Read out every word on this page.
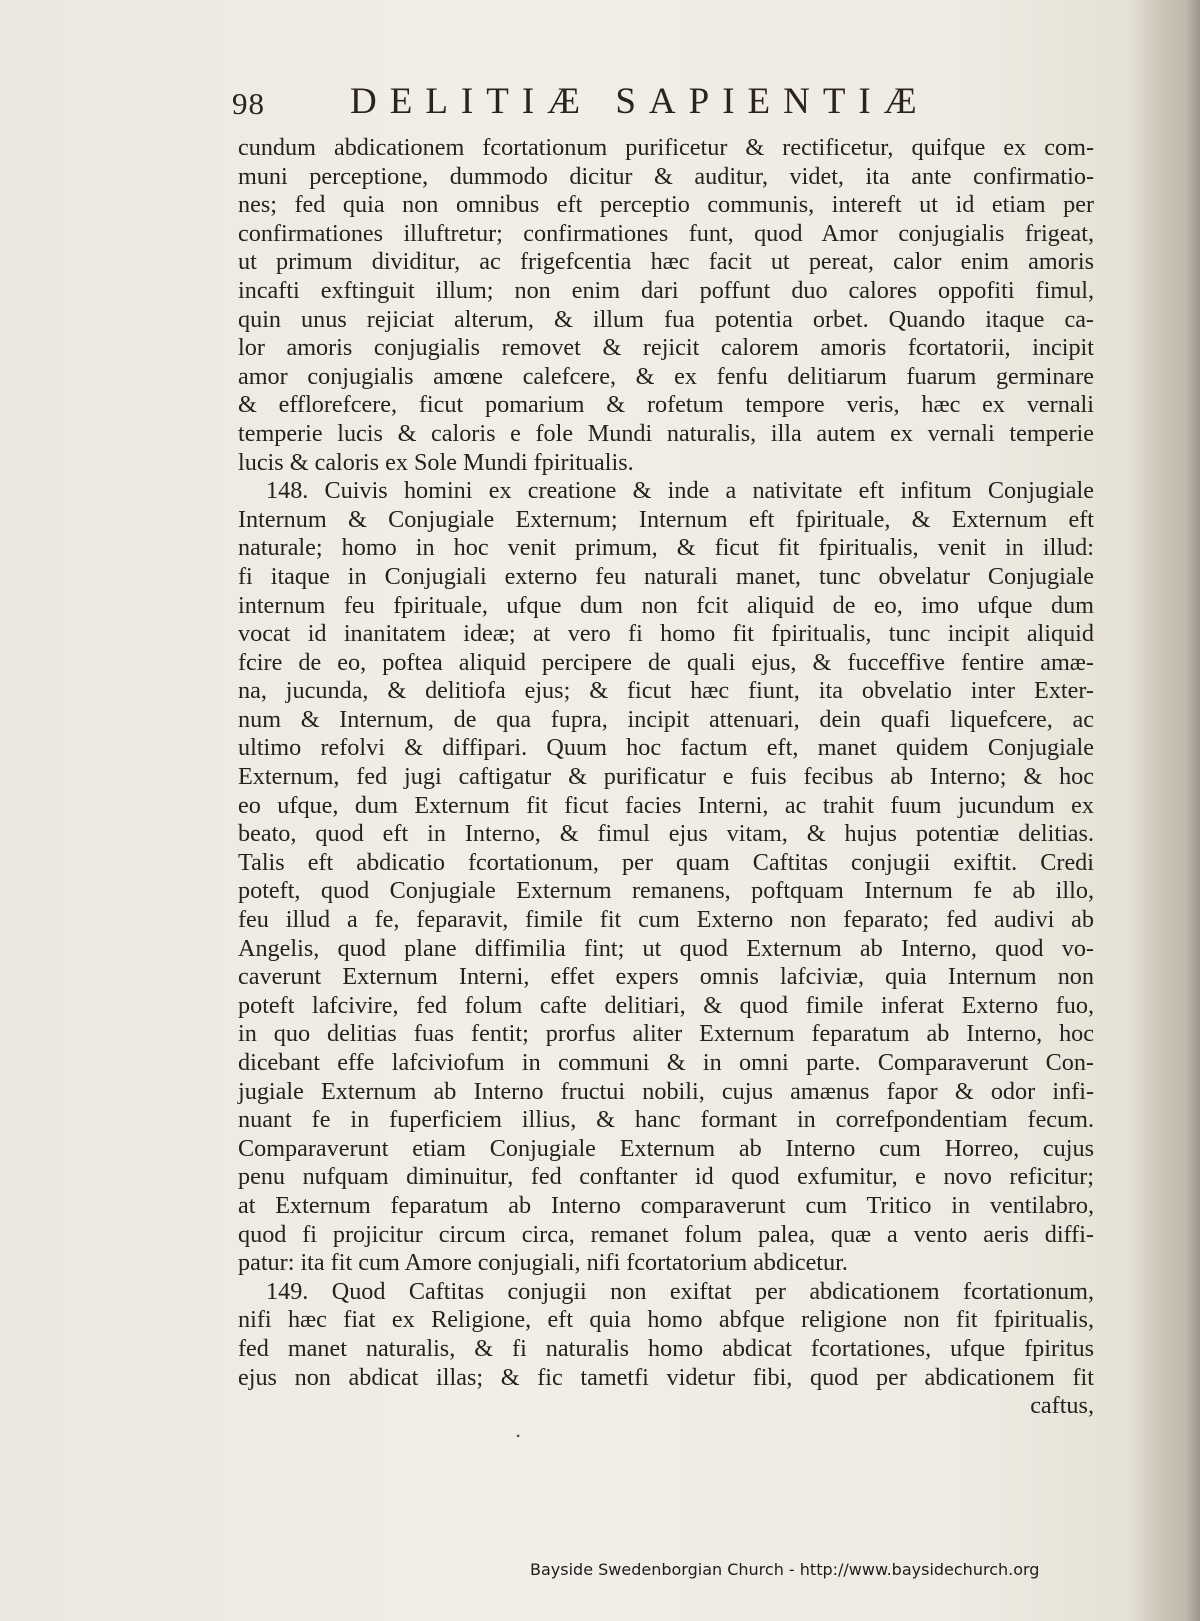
98 DELITIÆ SAPIENTIÆ
cundum abdicationem fcortationum purificetur & rectificetur, quifque ex com-
muni perceptione, dummodo dicitur & auditur, videt, ita ante confirmatio-
nes; fed quia non omnibus eft perceptio communis, intereft ut id etiam per
confirmationes illuftretur; confirmationes funt, quod Amor conjugialis frigeat,
ut primum dividitur, ac frigefcentia hæc facit ut pereat, calor enim amoris
incafti exftinguit illum; non enim dari poffunt duo calores oppofiti fimul,
quin unus rejiciat alterum, & illum fua potentia orbet. Quando itaque ca-
lor amoris conjugialis removet & rejicit calorem amoris fcortatorii, incipit
amor conjugialis amœne calefcere, & ex fenfu delitiarum fuarum germinare
& efflorefcere, ficut pomarium & rofetum tempore veris, hæc ex vernali
temperie lucis & caloris e fole Mundi naturalis, illa autem ex vernali temperie
lucis & caloris ex Sole Mundi fpiritualis.
148. Cuivis homini ex creatione & inde a nativitate eft infitum Conjugiale
Internum & Conjugiale Externum; Internum eft fpirituale, & Externum eft
naturale; homo in hoc venit primum, & ficut fit fpiritualis, venit in illud:
fi itaque in Conjugiali externo feu naturali manet, tunc obvelatur Conjugiale
internum feu fpirituale, ufque dum non fcit aliquid de eo, imo ufque dum
vocat id inanitatem ideæ; at vero fi homo fit fpiritualis, tunc incipit aliquid
fcire de eo, poftea aliquid percipere de quali ejus, & fucceffive fentire amæ-
na, jucunda, & delitiofa ejus; & ficut hæc fiunt, ita obvelatio inter Exter-
num & Internum, de qua fupra, incipit attenuari, dein quafi liquefcere, ac
ultimo refolvi & diffipari. Quum hoc factum eft, manet quidem Conjugiale
Externum, fed jugi caftigatur & purificatur e fuis fecibus ab Interno; & hoc
eo ufque, dum Externum fit ficut facies Interni, ac trahit fuum jucundum ex
beato, quod eft in Interno, & fimul ejus vitam, & hujus potentiæ delitias.
Talis eft abdicatio fcortationum, per quam Caftitas conjugii exiftit. Credi
poteft, quod Conjugiale Externum remanens, poftquam Internum fe ab illo,
feu illud a fe, feparavit, fimile fit cum Externo non feparato; fed audivi ab
Angelis, quod plane diffimilia fint; ut quod Externum ab Interno, quod vo-
caverunt Externum Interni, effet expers omnis lafciviæ, quia Internum non
poteft lafcivire, fed folum cafte delitiari, & quod fimile inferat Externo fuo,
in quo delitias fuas fentit; prorfus aliter Externum feparatum ab Interno, hoc
dicebant effe lafciviofum in communi & in omni parte. Comparaverunt Con-
jugiale Externum ab Interno fructui nobili, cujus amænus fapor & odor infi-
nuant fe in fuperficiem illius, & hanc formant in correfpondentiam fecum.
Comparaverunt etiam Conjugiale Externum ab Interno cum Horreo, cujus
penu nufquam diminuitur, fed conftanter id quod exfumitur, e novo reficitur;
at Externum feparatum ab Interno comparaverunt cum Tritico in ventilabro,
quod fi projicitur circum circa, remanet folum palea, quæ a vento aeris diffi-
patur: ita fit cum Amore conjugiali, nifi fcortatorium abdicetur.
149. Quod Caftitas conjugii non exiftat per abdicationem fcortationum,
nifi hæc fiat ex Religione, eft quia homo abfque religione non fit fpiritualis,
fed manet naturalis, & fi naturalis homo abdicat fcortationes, ufque fpiritus
ejus non abdicat illas; & fic tametfi videtur fibi, quod per abdicationem fit
caftus,
•
Bayside Swedenborgian Church - http://www.baysidechurch.org
